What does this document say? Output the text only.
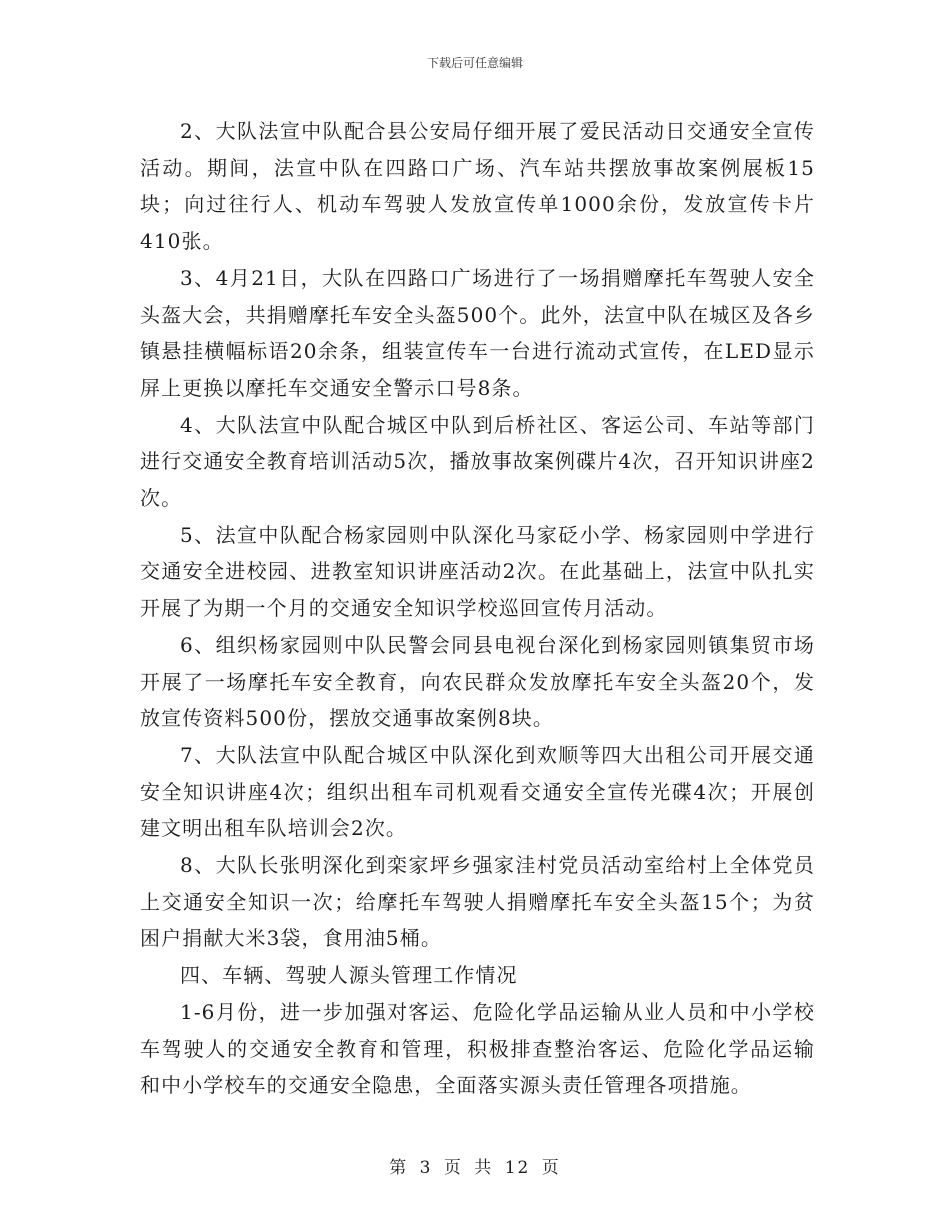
下载后可任意编辑

2、大队法宣中队配合县公安局仔细开展了爱民活动日交通安全宣传活动。期间，法宣中队在四路口广场、汽车站共摆放事故案例展板15块；向过往行人、机动车驾驶人发放宣传单1000余份，发放宣传卡片410张。

3、4月21日，大队在四路口广场进行了一场捐赠摩托车驾驶人安全头盔大会，共捐赠摩托车安全头盔500个。此外，法宣中队在城区及各乡镇悬挂横幅标语20余条，组装宣传车一台进行流动式宣传，在LED显示屏上更换以摩托车交通安全警示口号8条。

4、大队法宣中队配合城区中队到后桥社区、客运公司、车站等部门进行交通安全教育培训活动5次，播放事故案例碟片4次，召开知识讲座2次。

5、法宣中队配合杨家园则中队深化马家砭小学、杨家园则中学进行交通安全进校园、进教室知识讲座活动2次。在此基础上，法宣中队扎实开展了为期一个月的交通安全知识学校巡回宣传月活动。

6、组织杨家园则中队民警会同县电视台深化到杨家园则镇集贸市场开展了一场摩托车安全教育，向农民群众发放摩托车安全头盔20个，发放宣传资料500份，摆放交通事故案例8块。

7、大队法宣中队配合城区中队深化到欢顺等四大出租公司开展交通安全知识讲座4次；组织出租车司机观看交通安全宣传光碟4次；开展创建文明出租车队培训会2次。

8、大队长张明深化到栾家坪乡强家洼村党员活动室给村上全体党员上交通安全知识一次；给摩托车驾驶人捐赠摩托车安全头盔15个；为贫困户捐献大米3袋，食用油5桶。

四、车辆、驾驶人源头管理工作情况

1-6月份，进一步加强对客运、危险化学品运输从业人员和中小学校车驾驶人的交通安全教育和管理，积极排查整治客运、危险化学品运输和中小学校车的交通安全隐患，全面落实源头责任管理各项措施。

第 3 页 共 12 页
